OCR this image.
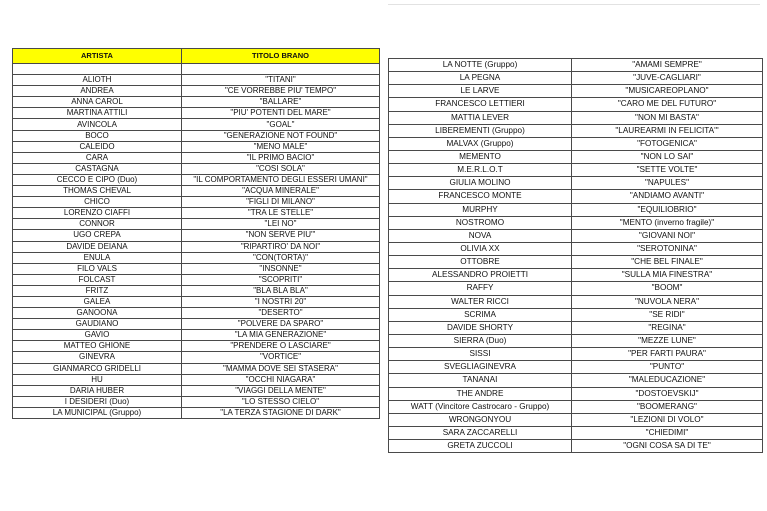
ARTISTA	TITOLO BRANO

ALIOTH	"TITANI"
ANDREA	"CE VORREBBE PIU' TEMPO"
ANNA CAROL	"BALLARE"
MARTINA ATTILI	"PIU' POTENTI DEL MARE"
AVINCOLA	"GOAL"
BOCO	"GENERAZIONE NOT FOUND"
CALEIDO	"MENO MALE"
CARA	"IL PRIMO BACIO"
CASTAGNA	"COSI SOLA"
CECCO E CIPO (Duo)	"IL COMPORTAMENTO DEGLI ESSERI UMANI"
THOMAS CHEVAL	"ACQUA MINERALE"
CHICO	"FIGLI DI MILANO"
LORENZO CIAFFI	"TRA LE STELLE"
CONNOR	"LEI NO"
UGO CREPA	"NON SERVE PIU'"
DAVIDE DEIANA	"RIPARTIRO' DA NOI"
ENULA	"CON(TORTA)"
FILO VALS	"INSONNE"
FOLCAST	"SCOPRITI"
FRITZ	"BLA BLA BLA"
GALEA	"I NOSTRI 20"
GANOONA	"DESERTO"
GAUDIANO	"POLVERE DA SPARO"
GAVIO	"LA MIA GENERAZIONE"
MATTEO GHIONE	"PRENDERE O LASCIARE"
GINEVRA	"VORTICE"
GIANMARCO GRIDELLI	"MAMMA DOVE SEI STASERA"
HU	"OCCHI NIAGARA"
DARIA HUBER	"VIAGGI DELLA MENTE"
I DESIDERI (Duo)	"LO STESSO CIELO"
LA MUNICIPAL (Gruppo)	"LA TERZA STAGIONE DI DARK"
LA NOTTE (Gruppo)	"AMAMI SEMPRE"
LA PEGNA	"JUVE-CAGLIARI"
LE LARVE	"MUSICAREOPLANO"
FRANCESCO LETTIERI	"CARO ME DEL FUTURO"
MATTIA LEVER	"NON MI BASTA"
LIBEREMENTI (Gruppo)	"LAUREARMI IN FELICITA'"
MALVAX (Gruppo)	"FOTOGENICA"
MEMENTO	"NON LO SAI"
M.E.R.L.O.T	"SETTE VOLTE"
GIULIA MOLINO	"NAPULES"
FRANCESCO MONTE	"ANDIAMO AVANTI"
MURPHY	"EQUILIOBRIO"
NOSTROMO	"MENTO (inverno fragile)"
NOVA	"GIOVANI NOI"
OLIVIA XX	"SEROTONINA"
OTTOBRE	"CHE BEL FINALE"
ALESSANDRO PROIETTI	"SULLA MIA FINESTRA"
RAFFY	"BOOM"
WALTER RICCI	"NUVOLA NERA"
SCRIMA	"SE RIDI"
DAVIDE SHORTY	"REGINA"
SIERRA (Duo)	"MEZZE LUNE"
SISSI	"PER FARTI PAURA"
SVEGLIAGINEVRA	"PUNTO"
TANANAI	"MALEDUCAZIONE"
THE ANDRE	"DOSTOEVSKIJ"
WATT (Vincitore Castrocaro - Gruppo)	"BOOMERANG"
WRONGONYOU	"LEZIONI DI VOLO"
SARA ZACCARELLI	"CHIEDIMI"
GRETA ZUCCOLI	"OGNI COSA SA DI TE"
